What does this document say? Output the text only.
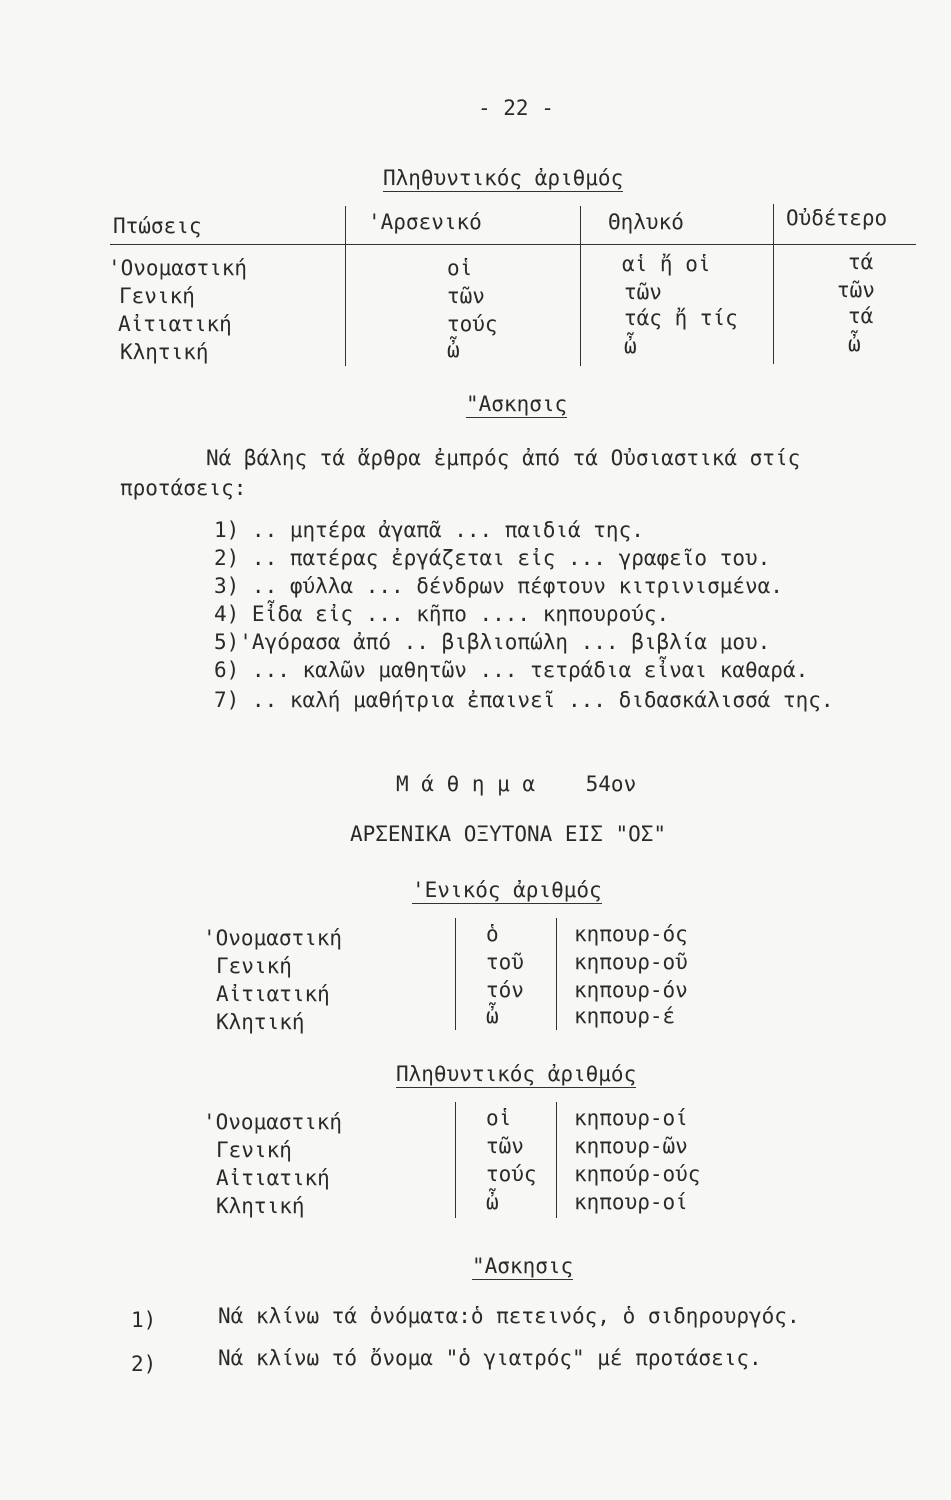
- 22 -
Πληθυντικός ἀριθμός
Πτώσεις	'Αρσενικό	Θηλυκό	Οὐδέτερο
'Ονομαστική	οἱ	αἱ ἤ οἱ	τά
Γενική	τῶν	τῶν	τῶν
Αἰτιατική	τούς	τάς ἤ τίς	τά
Κλητική	ὦ	ὦ	ὦ
"Ασκησις
Νά βάλης τά ἄρθρα ἐμπρός ἀπό τά Οὐσιαστικά στίς
προτάσεις:
1) .. μητέρα ἀγαπᾶ ... παιδιά της.
2) .. πατέρας ἐργάζεται εἰς ... γραφεῖο του.
3) .. φύλλα ... δένδρων πέφτουν κιτρινισμένα.
4) Εἶδα εἰς ... κῆπο .... κηπουρούς.
5)'Αγόρασα ἀπό .. βιβλιοπώλη ... βιβλία μου.
6) ... καλῶν μαθητῶν ... τετράδια εἶναι καθαρά.
7) .. καλή μαθήτρια ἐπαινεῖ ... διδασκάλισσά της.
Μ ά θ η μ α    54ον
ΑΡΣΕΝΙΚΑ ΟΞΥΤΟΝΑ ΕΙΣ "ΟΣ"
'Ενικός ἀριθμός
'Ονομαστική	ὁ	κηπουρ-ός
Γενική	τοῦ κηπουρ-οῦ
Αἰτιατική	τόν κηπουρ-όν
Κλητική	ὦ	κηπουρ-έ
Πληθυντικός ἀριθμός
'Ονομαστική	οἱ	κηπουρ-οί
Γενική	τῶν κηπουρ-ῶν
Αἰτιατική	τούς κηπούρ-ούς
Κλητική	ὦ	κηπουρ-οί
"Ασκησις
1)	Νά κλίνω τά ὀνόματα:ὁ πετεινός, ὁ σιδηρουργός.
2)	Νά κλίνω τό ὄνομα "ὁ γιατρός" μέ προτάσεις.
